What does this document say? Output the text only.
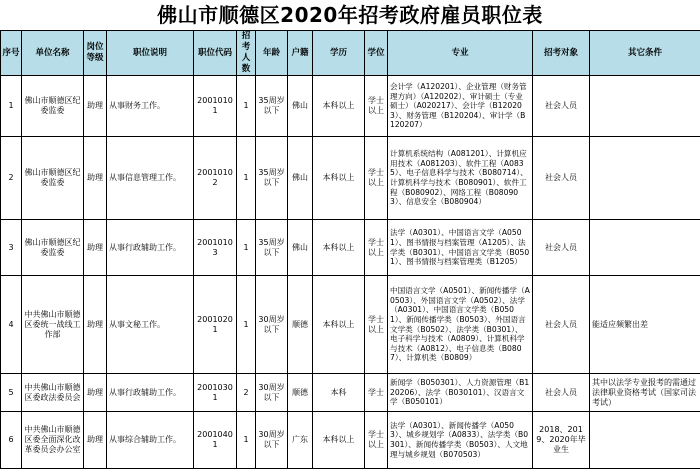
佛山市顺德区2020年招考政府雇员职位表
序号	单位名称	岗位等级	职位说明	职位代码	招考人数	年龄	户籍	学历	学位	专业	招考对象	其它条件
1	佛山市顺德区纪委监委	助理	从事财务工作。	20010101	1	35周岁以下	佛山	本科以上	学士以上	会计学（A120201）、企业管理（财务管理方向）（A120202）、审计硕士（专业硕士）（A020217）、会计学（B120203）、财务管理（B120204）、审计学（B120207）	社会人员	
2	佛山市顺德区纪委监委	助理	从事信息管理工作。	20010102	1	35周岁以下	佛山	本科以上	学士以上	计算机系统结构（A081201）、计算机应用技术（A081203）、软件工程（A0835）、电子信息科学与技术（B080714）、计算机科学与技术（B080901）、软件工程（B080902）、网络工程（B080903）、信息安全（B080904）	社会人员	
3	佛山市顺德区纪委监委	助理	从事行政辅助工作。	20010103	1	35周岁以下	佛山	本科以上	学士以上	法学（A0301）、中国语言文学（A0501）、图书情报与档案管理（A1205）、法学类（B0301）、中国语言文学类（B0501）、图书情报与档案管理类（B1205）	社会人员	
4	中共佛山市顺德区委统一战线工作部	助理	从事文秘工作。	20010201	1	30周岁以下	顺德	本科以上	学士以上	中国语言文学（A0501）、新闻传播学（A0503）、外国语言文学（A0502）、法学（A0301）、中国语言文学类（B0501）、新闻传播学类（B0503）、外国语言文学类（B0502）、法学类（B0301）、电子科学与技术（A0809）、计算机科学与技术（A0812）、电子信息类（B0807）、计算机类（B0809）	社会人员	能适应频繁出差
5	中共佛山市顺德区委政法委员会	助理	从事行政辅助工作。	20010301	2	30周岁以下	顺德	本科	学士	新闻学（B050301）、人力资源管理（B120206）、法学（B030101）、汉语言文学（B050101）	社会人员	其中以法学专业报考的需通过法律职业资格考试（国家司法考试）
6	中共佛山市顺德区委全面深化改革委员会办公室	助理	从事综合辅助工作。	20010401	1	30周岁以下	广东	本科以上	学士以上	法学（A0301）、新闻传播学（A0503）、城乡规划学（A0833）、法学类（B0301）、新闻传播学类（B0503）、人文地理与城乡规划（B070503）	2018、2019、2020年毕业生	
